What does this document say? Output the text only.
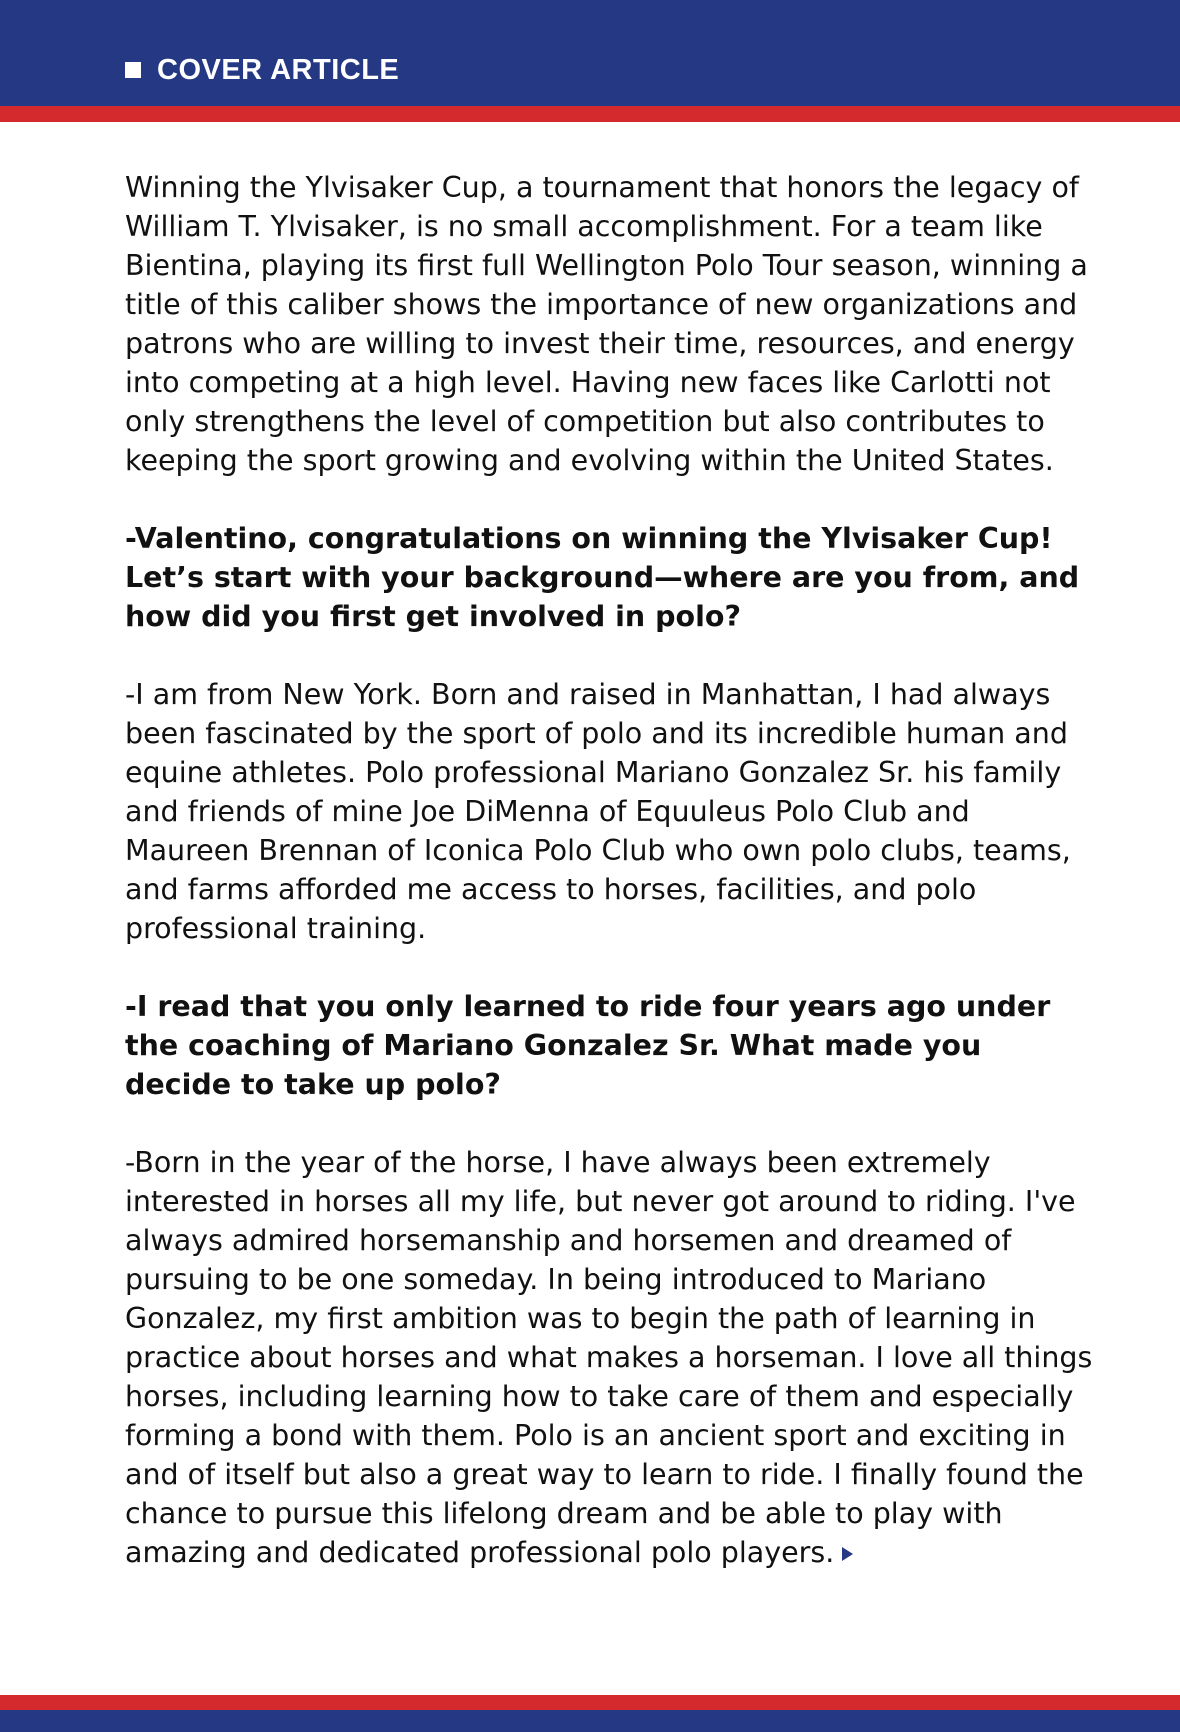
COVER ARTICLE

Winning the Ylvisaker Cup, a tournament that honors the legacy of William T. Ylvisaker, is no small accomplishment. For a team like Bientina, playing its first full Wellington Polo Tour season, winning a title of this caliber shows the importance of new organizations and patrons who are willing to invest their time, resources, and energy into competing at a high level. Having new faces like Carlotti not only strengthens the level of competition but also contributes to keeping the sport growing and evolving within the United States.

-Valentino, congratulations on winning the Ylvisaker Cup! Let’s start with your background—where are you from, and how did you first get involved in polo?

-I am from New York. Born and raised in Manhattan, I had always been fascinated by the sport of polo and its incredible human and equine athletes. Polo professional Mariano Gonzalez Sr. his family and friends of mine Joe DiMenna of Equuleus Polo Club and Maureen Brennan of Iconica Polo Club who own polo clubs, teams, and farms afforded me access to horses, facilities, and polo professional training.

-I read that you only learned to ride four years ago under the coaching of Mariano Gonzalez Sr. What made you decide to take up polo?

-Born in the year of the horse, I have always been extremely interested in horses all my life, but never got around to riding. I've always admired horsemanship and horsemen and dreamed of pursuing to be one someday. In being introduced to Mariano Gonzalez, my first ambition was to begin the path of learning in practice about horses and what makes a horseman. I love all things horses, including learning how to take care of them and especially forming a bond with them. Polo is an ancient sport and exciting in and of itself but also a great way to learn to ride. I finally found the chance to pursue this lifelong dream and be able to play with amazing and dedicated professional polo players.
